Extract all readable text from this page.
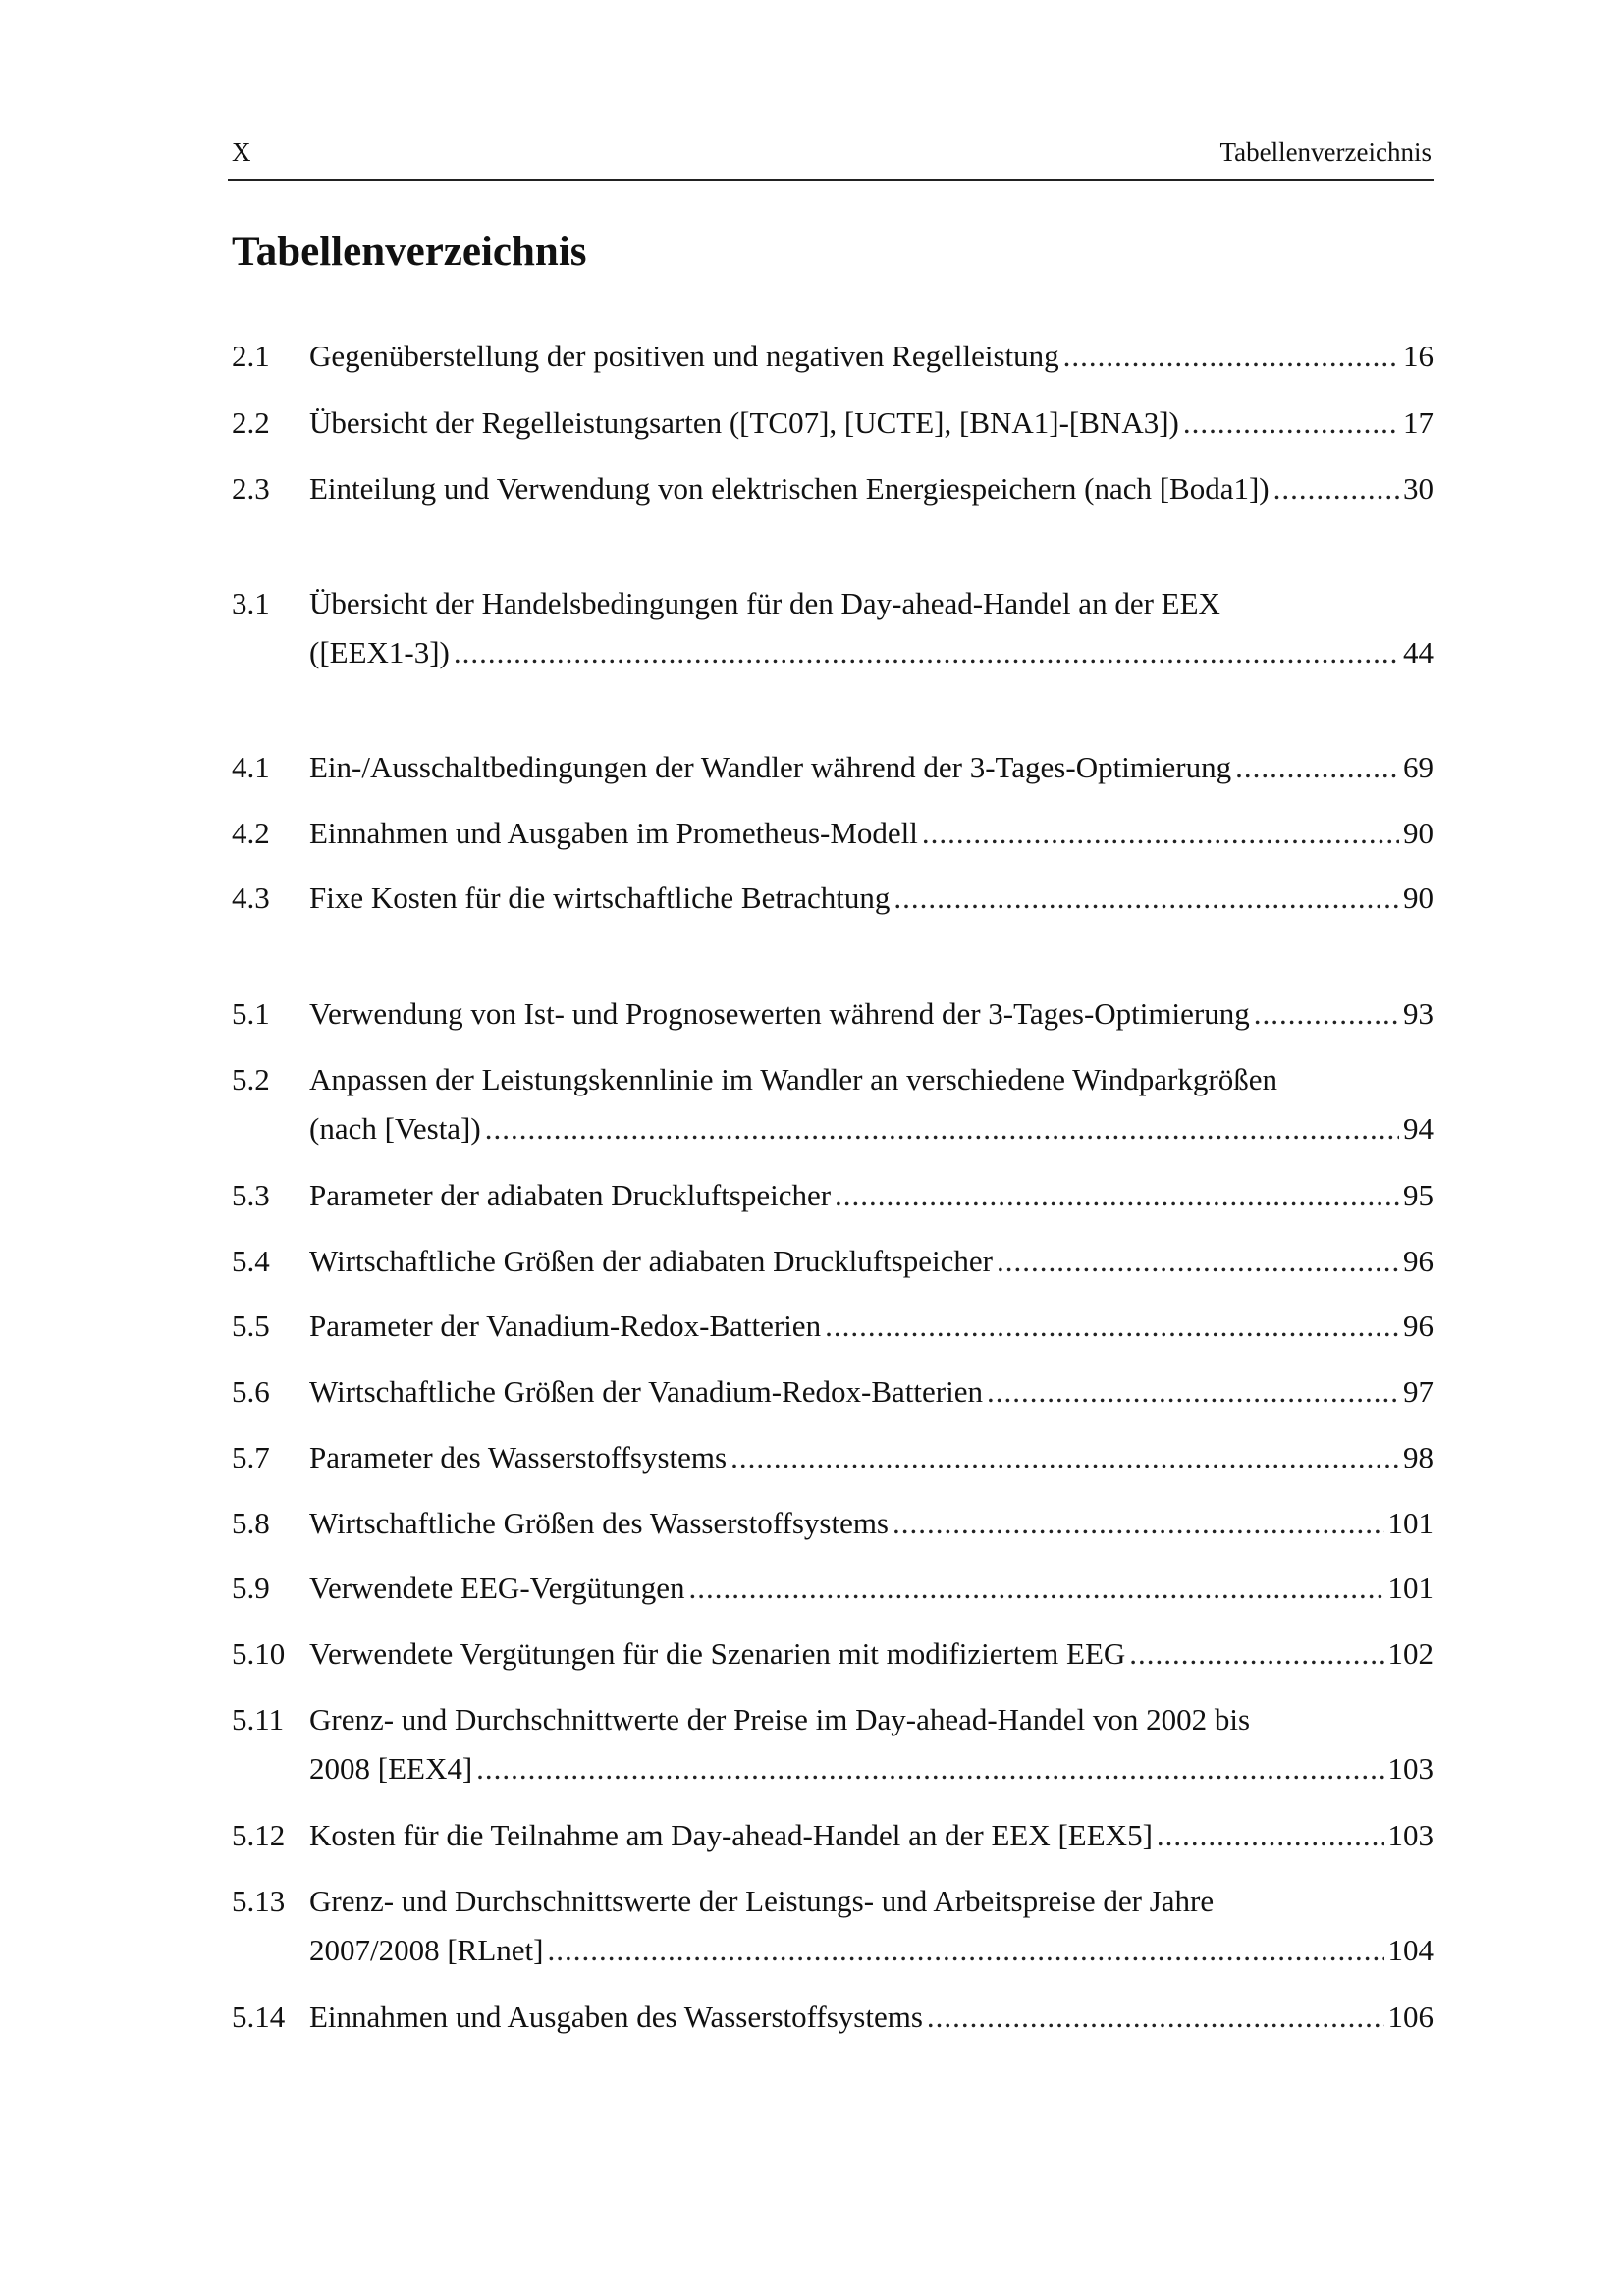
X	Tabellenverzeichnis
Tabellenverzeichnis
2.1 Gegenüberstellung der positiven und negativen Regelleistung .....	16
2.2 Übersicht der Regelleistungsarten ([TC07], [UCTE], [BNA1]-[BNA3]) .....	17
2.3 Einteilung und Verwendung von elektrischen Energiespeichern (nach [Boda1]) .....	30
3.1 Übersicht der Handelsbedingungen für den Day-ahead-Handel an der EEX
([EEX1-3]) .....	44
4.1 Ein-/Ausschaltbedingungen der Wandler während der 3-Tages-Optimierung .....	69
4.2 Einnahmen und Ausgaben im Prometheus-Modell .....	90
4.3 Fixe Kosten für die wirtschaftliche Betrachtung .....	90
5.1 Verwendung von Ist- und Prognosewerten während der 3-Tages-Optimierung .....	93
5.2 Anpassen der Leistungskennlinie im Wandler an verschiedene Windparkgrößen
(nach [Vesta]) .....	94
5.3 Parameter der adiabaten Druckluftspeicher .....	95
5.4 Wirtschaftliche Größen der adiabaten Druckluftspeicher .....	96
5.5 Parameter der Vanadium-Redox-Batterien .....	96
5.6 Wirtschaftliche Größen der Vanadium-Redox-Batterien .....	97
5.7 Parameter des Wasserstoffsystems .....	98
5.8 Wirtschaftliche Größen des Wasserstoffsystems .....	101
5.9 Verwendete EEG-Vergütungen .....	101
5.10 Verwendete Vergütungen für die Szenarien mit modifiziertem EEG .....	102
5.11 Grenz- und Durchschnittwerte der Preise im Day-ahead-Handel von 2002 bis
2008 [EEX4] .....	103
5.12 Kosten für die Teilnahme am Day-ahead-Handel an der EEX [EEX5] .....	103
5.13 Grenz- und Durchschnittswerte der Leistungs- und Arbeitspreise der Jahre
2007/2008 [RLnet] .....	104
5.14 Einnahmen und Ausgaben des Wasserstoffsystems .....	106
